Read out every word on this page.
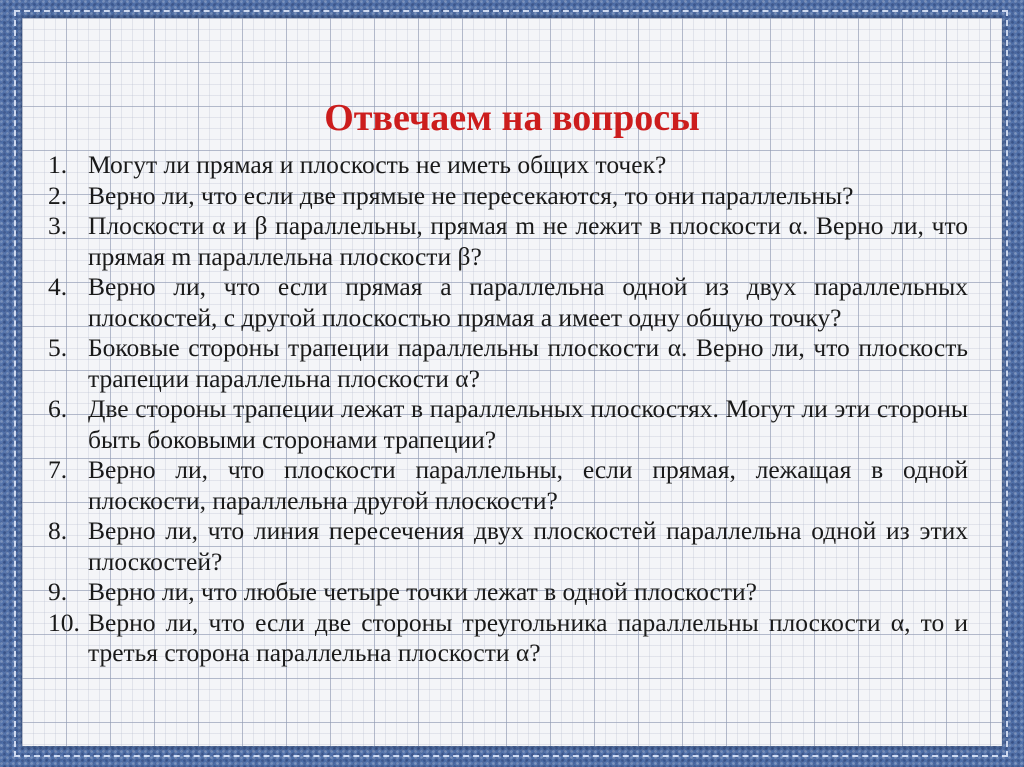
Отвечаем на вопросы
1. Могут ли прямая и плоскость не иметь общих точек?
2. Верно ли, что если две прямые не пересекаются, то они параллельны?
3. Плоскости α и β параллельны, прямая m не лежит в плоскости α. Верно ли, что прямая m параллельна плоскости β?
4. Верно ли, что если прямая a параллельна одной из двух параллельных плоскостей, с другой плоскостью прямая a имеет одну общую точку?
5. Боковые стороны трапеции параллельны плоскости α. Верно ли, что плоскость трапеции параллельна плоскости α?
6. Две стороны трапеции лежат в параллельных плоскостях. Могут ли эти стороны быть боковыми сторонами трапеции?
7. Верно ли, что плоскости параллельны, если прямая, лежащая в одной плоскости, параллельна другой плоскости?
8. Верно ли, что линия пересечения двух плоскостей параллельна одной из этих плоскостей?
9. Верно ли, что любые четыре точки лежат в одной плоскости?
10. Верно ли, что если две стороны треугольника параллельны плоскости α, то и третья сторона параллельна плоскости α?
